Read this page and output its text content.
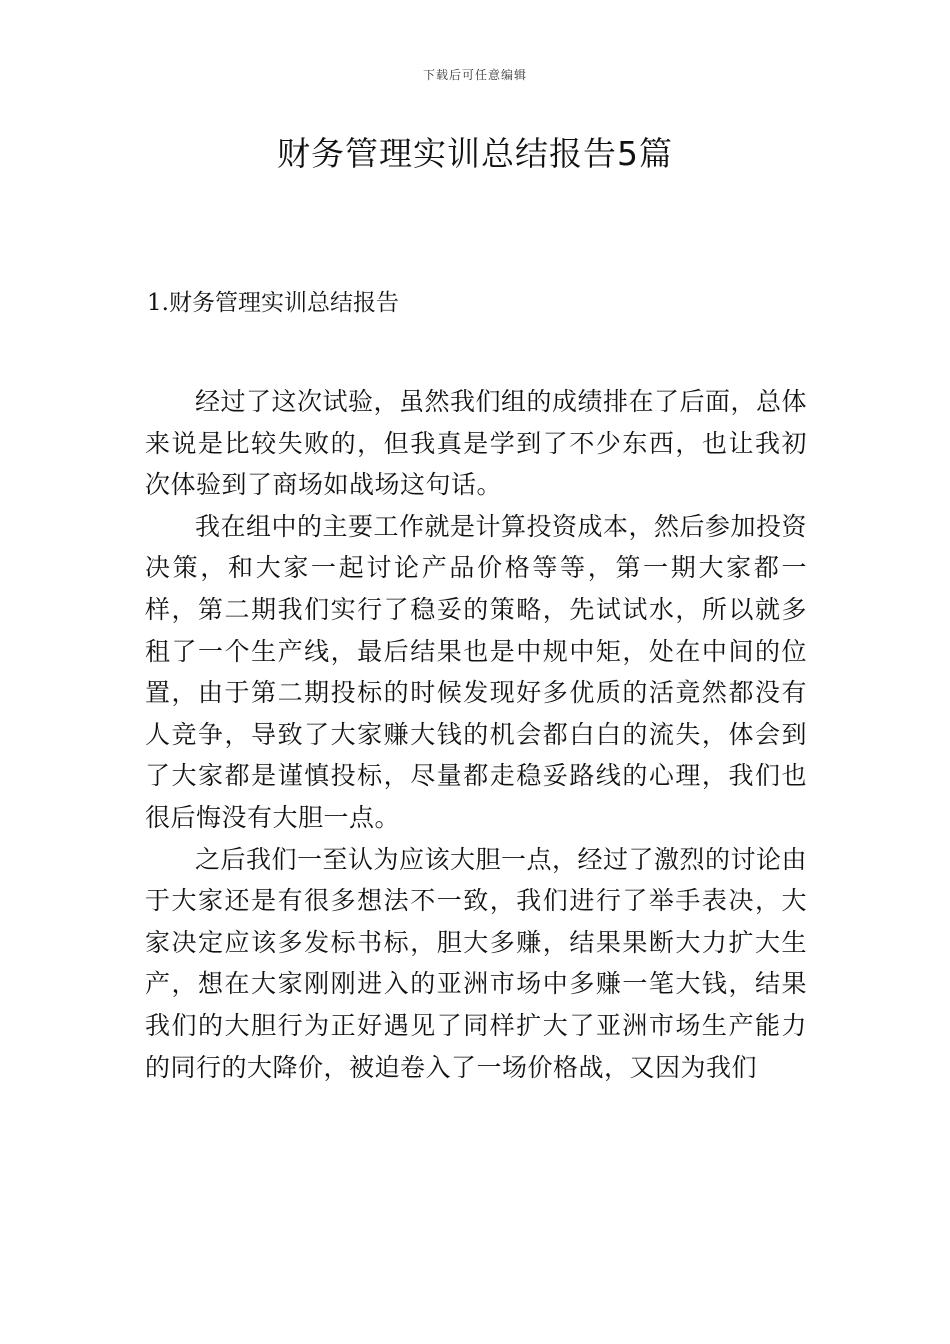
下载后可任意编辑
财务管理实训总结报告5篇
1.财务管理实训总结报告

经过了这次试验，虽然我们组的成绩排在了后面，总体来说是比较失败的，但我真是学到了不少东西，也让我初次体验到了商场如战场这句话。

我在组中的主要工作就是计算投资成本，然后参加投资决策，和大家一起讨论产品价格等等，第一期大家都一样，第二期我们实行了稳妥的策略，先试试水，所以就多租了一个生产线，最后结果也是中规中矩，处在中间的位置，由于第二期投标的时候发现好多优质的活竟然都没有人竞争，导致了大家赚大钱的机会都白白的流失，体会到了大家都是谨慎投标，尽量都走稳妥路线的心理，我们也很后悔没有大胆一点。

之后我们一至认为应该大胆一点，经过了激烈的讨论由于大家还是有很多想法不一致，我们进行了举手表决，大家决定应该多发标书标，胆大多赚，结果果断大力扩大生产，想在大家刚刚进入的亚洲市场中多赚一笔大钱，结果我们的大胆行为正好遇见了同样扩大了亚洲市场生产能力的同行的大降价，被迫卷入了一场价格战，又因为我们
